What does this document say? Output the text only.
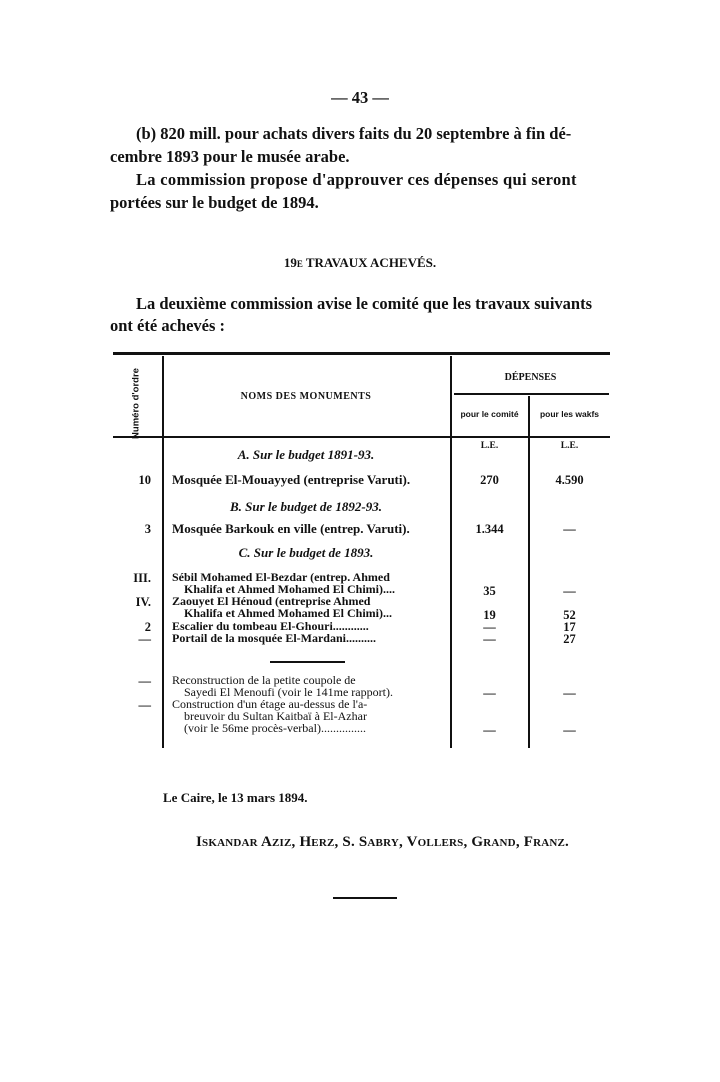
— 43 —
(b) 820 mill. pour achats divers faits du 20 septembre à fin dé-
cembre 1893 pour le musée arabe.
La commission propose d'approuver ces dépenses qui seront
portées sur le budget de 1894.
19e TRAVAUX ACHEVÉS.
La deuxième commission avise le comité que les travaux suivants
ont été achevés :
Numéro d'ordre	NOMS DES MONUMENTS
DÉPENSES
pour le comité	pour les wakfs
L.E.	L.E.
A. Sur le budget 1891-93.
B. Sur le budget de 1892-93.
C. Sur le budget de 1893.
10 Mosquée El-Mouayyed (entreprise Varuti).	270	4.590
3 Mosquée Barkouk en ville (entrep. Varuti).	1.344	—
III. Sébil Mohamed El-Bezdar (entrep. Ahmed
Khalifa et Ahmed Mohamed El Chimi)....	35	—
IV. Zaouyet El Hénoud (entreprise Ahmed
Khalifa et Ahmed Mohamed El Chimi)...	19	52
2 Escalier du tombeau El-Ghouri............	—	17
— Portail de la mosquée El-Mardani..........	—	27
— Reconstruction de la petite coupole de
Sayedi El Menoufi (voir le 141me rapport).	—	—
— Construction d'un étage au-dessus de l'a-
breuvoir du Sultan Kaitbaï à El-Azhar
(voir le 56me procès-verbal)...............	—	—
Le Caire, le 13 mars 1894.
Iskandar Aziz, Herz, S. Sabry, Vollers, Grand, Franz.
